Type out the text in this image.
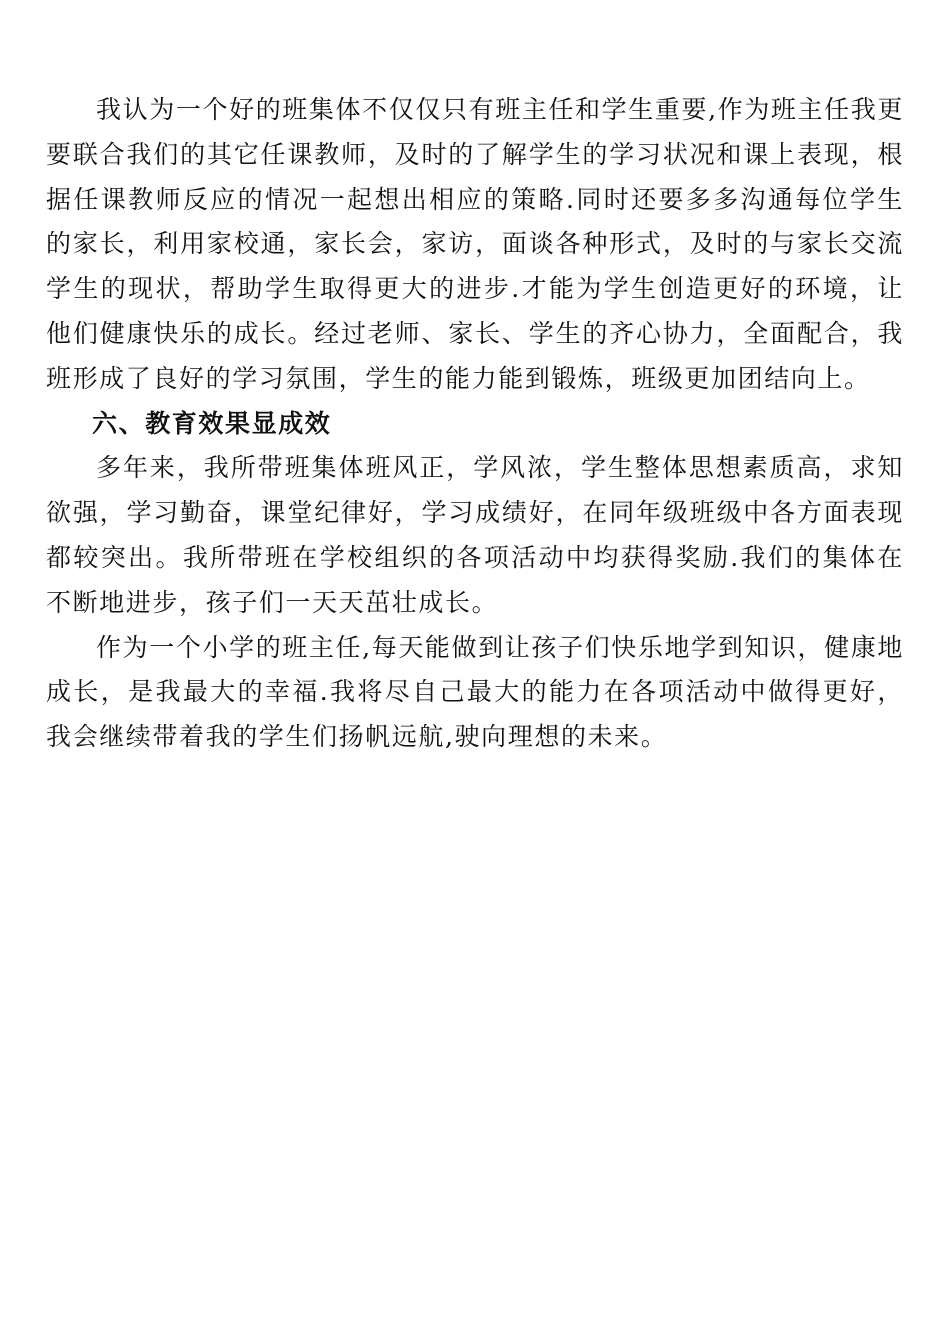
我认为一个好的班集体不仅仅只有班主任和学生重要,作为班主任我更要联合我们的其它任课教师，及时的了解学生的学习状况和课上表现，根据任课教师反应的情况一起想出相应的策略.同时还要多多沟通每位学生的家长，利用家校通，家长会，家访，面谈各种形式，及时的与家长交流学生的现状，帮助学生取得更大的进步.才能为学生创造更好的环境，让他们健康快乐的成长。经过老师、家长、学生的齐心协力，全面配合，我班形成了良好的学习氛围，学生的能力能到锻炼，班级更加团结向上。

六、教育效果显成效

多年来，我所带班集体班风正，学风浓，学生整体思想素质高，求知欲强，学习勤奋，课堂纪律好，学习成绩好，在同年级班级中各方面表现都较突出。我所带班在学校组织的各项活动中均获得奖励.我们的集体在不断地进步，孩子们一天天茁壮成长。

作为一个小学的班主任,每天能做到让孩子们快乐地学到知识，健康地成长，是我最大的幸福.我将尽自己最大的能力在各项活动中做得更好，我会继续带着我的学生们扬帆远航,驶向理想的未来。
